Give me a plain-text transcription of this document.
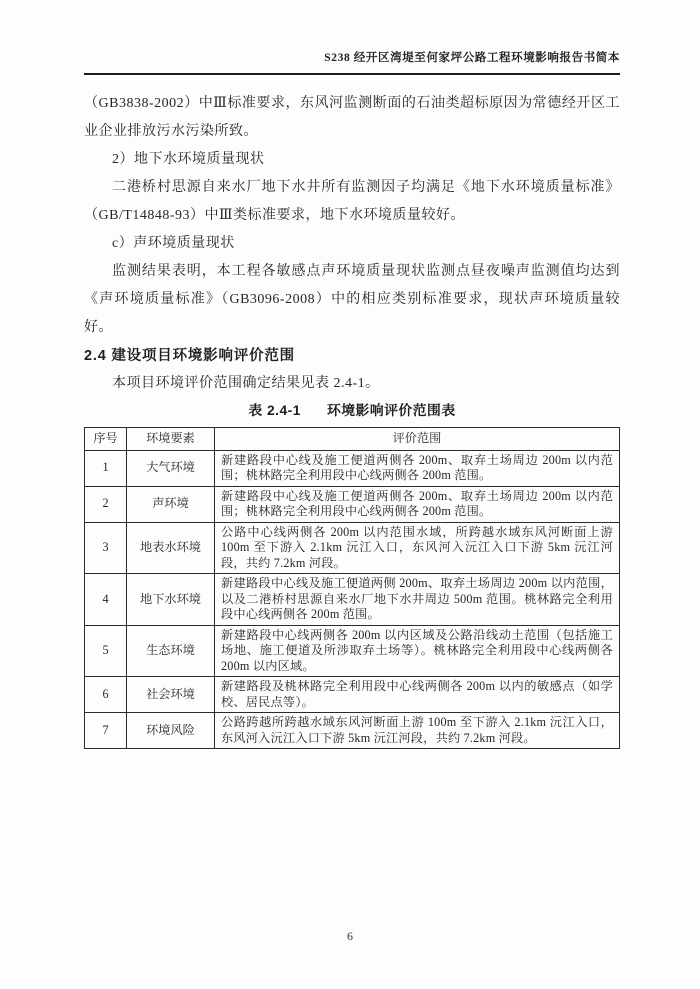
S238 经开区湾堤至何家坪公路工程环境影响报告书简本

（GB3838-2002）中Ⅲ标准要求，东风河监测断面的石油类超标原因为常德经开区工业企业排放污水污染所致。

2）地下水环境质量现状

二港桥村思源自来水厂地下水井所有监测因子均满足《地下水环境质量标准》（GB/T14848-93）中Ⅲ类标准要求，地下水环境质量较好。

c）声环境质量现状

监测结果表明，本工程各敏感点声环境质量现状监测点昼夜噪声监测值均达到《声环境质量标准》（GB3096-2008）中的相应类别标准要求，现状声环境质量较好。

2.4 建设项目环境影响评价范围

本项目环境评价范围确定结果见表 2.4-1。

表 2.4-1 环境影响评价范围表
序号	环境要素	评价范围
1	大气环境	新建路段中心线及施工便道两侧各 200m、取弃土场周边 200m 以内范围；桃林路完全利用段中心线两侧各 200m 范围。
2	声环境	新建路段中心线及施工便道两侧各 200m、取弃土场周边 200m 以内范围；桃林路完全利用段中心线两侧各 200m 范围。
3	地表水环境	公路中心线两侧各 200m 以内范围水域，所跨越水域东风河断面上游 100m 至下游入 2.1km 沅江入口，东风河入沅江入口下游 5km 沅江河段，共约 7.2km 河段。
4	地下水环境	新建路段中心线及施工便道两侧 200m、取弃土场周边 200m 以内范围，以及二港桥村思源自来水厂地下水井周边 500m 范围。桃林路完全利用段中心线两侧各 200m 范围。
5	生态环境	新建路段中心线两侧各 200m 以内区域及公路沿线动土范围（包括施工场地、施工便道及所涉取弃土场等）。桃林路完全利用段中心线两侧各 200m 以内区域。
6	社会环境	新建路段及桃林路完全利用段中心线两侧各 200m 以内的敏感点（如学校、居民点等）。
7	环境风险	公路跨越所跨越水域东风河断面上游 100m 至下游入 2.1km 沅江入口，东风河入沅江入口下游 5km 沅江河段，共约 7.2km 河段。
6
